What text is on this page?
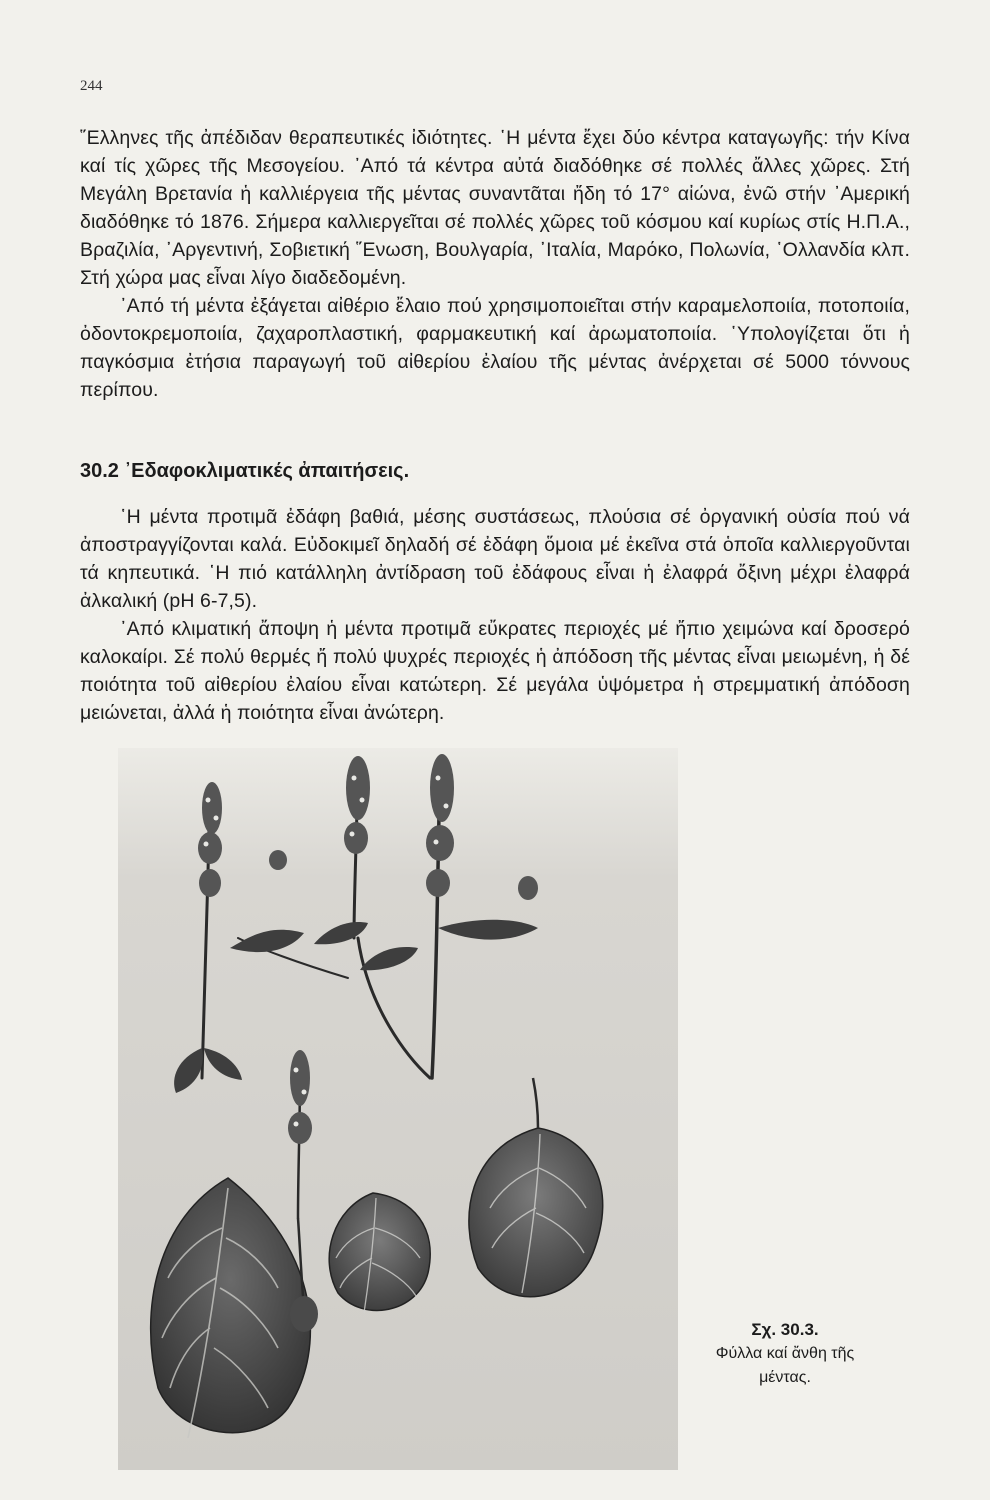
244

῞Ελληνες τῆς ἀπέδιδαν θεραπευτικές ἰδιότητες. ῾Η μέντα ἔχει δύο κέντρα καταγωγῆς: τήν Κίνα καί τίς χῶρες τῆς Μεσογείου. ᾿Από τά κέντρα αὐτά διαδόθηκε σέ πολλές ἄλλες χῶρες. Στή Μεγάλη Βρετανία ἡ καλλιέργεια τῆς μέντας συναντᾶται ἤδη τό 17° αἰώνα, ἐνῶ στήν ᾿Αμερική διαδόθηκε τό 1876. Σήμερα καλλιεργεῖται σέ πολλές χῶρες τοῦ κόσμου καί κυρίως στίς Η.Π.Α., Βραζιλία, ᾿Αργεντινή, Σοβιετική ῞Ενωση, Βουλγαρία, ᾿Ιταλία, Μαρόκο, Πολωνία, ῾Ολλανδία κλπ. Στή χώρα μας εἶναι λίγο διαδεδομένη.

᾿Από τή μέντα ἐξάγεται αἰθέριο ἔλαιο πού χρησιμοποιεῖται στήν καραμελοποιία, ποτοποιία, ὀδοντοκρεμοποιία, ζαχαροπλαστική, φαρμακευτική καί ἀρωματοποιία. ῾Υπολογίζεται ὅτι ἡ παγκόσμια ἐτήσια παραγωγή τοῦ αἰθερίου ἐλαίου τῆς μέντας ἀνέρχεται σέ 5000 τόννους περίπου.

30.2 ᾿Εδαφοκλιματικές ἀπαιτήσεις.

῾Η μέντα προτιμᾶ ἐδάφη βαθιά, μέσης συστάσεως, πλούσια σέ ὀργανική οὐσία πού νά ἀποστραγγίζονται καλά. Εὐδοκιμεῖ δηλαδή σέ ἐδάφη ὅμοια μέ ἐκεῖνα στά ὁποῖα καλλιεργοῦνται τά κηπευτικά. ῾Η πιό κατάλληλη ἀντίδραση τοῦ ἐδάφους εἶναι ἡ ἐλαφρά ὄξινη μέχρι ἐλαφρά ἀλκαλική (pH 6-7,5).

᾿Από κλιματική ἄποψη ἡ μέντα προτιμᾶ εὔκρατες περιοχές μέ ἤπιο χειμώνα καί δροσερό καλοκαίρι. Σέ πολύ θερμές ἤ πολύ ψυχρές περιοχές ἡ ἀπόδοση τῆς μέντας εἶναι μειωμένη, ἡ δέ ποιότητα τοῦ αἰθερίου ἐλαίου εἶναι κατώτερη. Σέ μεγάλα ὑψόμετρα ἡ στρεμματική ἀπόδοση μειώνεται, ἀλλά ἡ ποιότητα εἶναι ἀνώτερη.

Σχ. 30.3.
Φύλλα καί ἄνθη τῆς μέντας.
